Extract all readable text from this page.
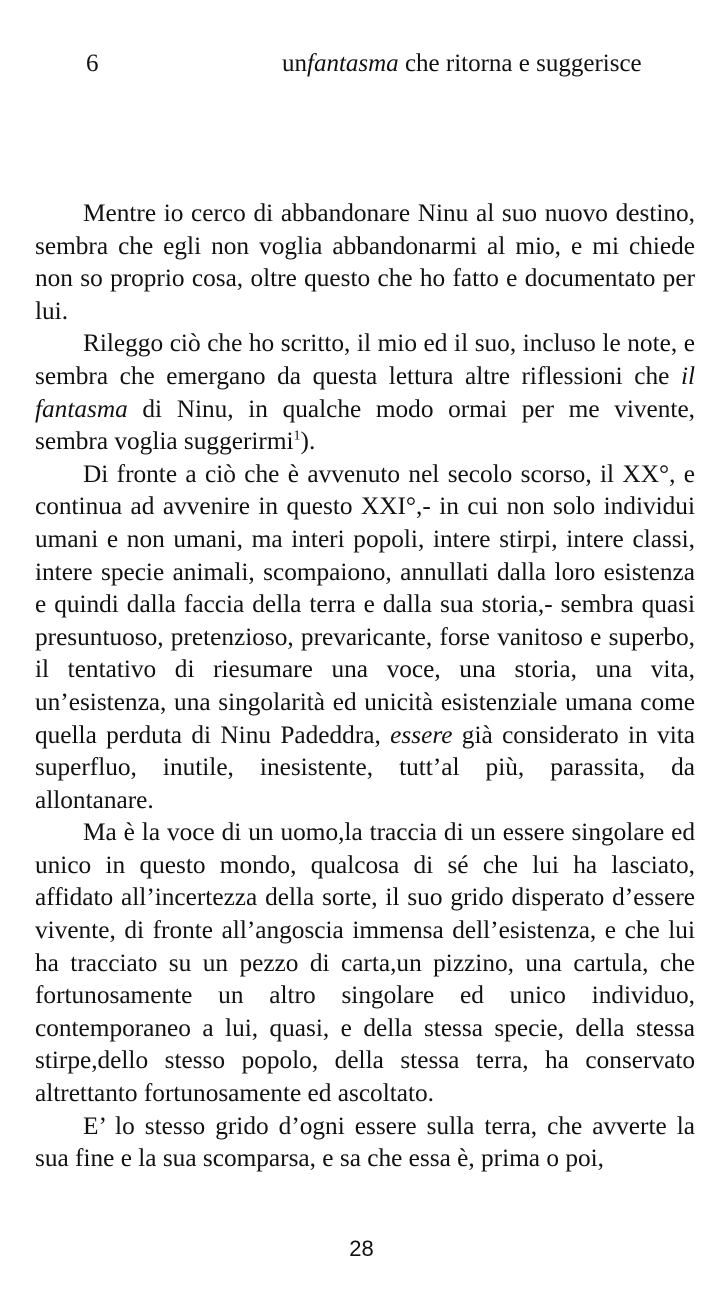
6	unfantasma che ritorna e suggerisce

Mentre io cerco di abbandonare Ninu al suo nuovo destino, sembra che egli non voglia abbandonarmi al mio, e mi chiede non so proprio cosa, oltre questo che ho fatto e documentato per lui.

Rileggo ciò che ho scritto, il mio ed il suo, incluso le note, e sembra che emergano da questa lettura altre riflessioni che il fantasma di Ninu, in qualche modo ormai per me vivente, sembra voglia suggerirmi$^1$).

Di fronte a ciò che è avvenuto nel secolo scorso, il XX°, e continua ad avvenire in questo XXI°,- in cui non solo individui umani e non umani, ma interi popoli, intere stirpi, intere classi, intere specie animali, scompaiono, annullati dalla loro esistenza e quindi dalla faccia della terra e dalla sua storia,- sembra quasi presuntuoso, pretenzioso, prevaricante, forse vanitoso e superbo, il tentativo di riesumare una voce, una storia, una vita, un’esistenza, una singolarità ed unicità esistenziale umana come quella perduta di Ninu Padeddra, essere già considerato in vita superfluo, inutile, inesistente, tutt’al più, parassita, da allontanare.

Ma è la voce di un uomo,la traccia di un essere singolare ed unico in questo mondo, qualcosa di sé che lui ha lasciato, affidato all’incertezza della sorte, il suo grido disperato d’essere vivente, di fronte all’angoscia immensa dell’esistenza, e che lui ha tracciato su un pezzo di carta,un pizzino, una cartula, che fortunosamente un altro singolare ed unico individuo, contemporaneo a lui, quasi, e della stessa specie, della stessa stirpe,dello stesso popolo, della stessa terra, ha conservato altrettanto fortunosamente ed ascoltato.

E’ lo stesso grido d’ogni essere sulla terra, che avverte la sua fine e la sua scomparsa, e sa che essa è, prima o poi,

28
